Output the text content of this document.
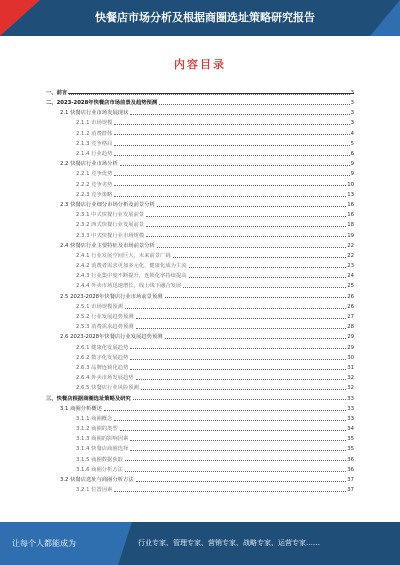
快餐店市场分析及根据商圈选址策略研究报告
内容目录
一、前言	3
二、2023-2028年快餐店市场前景及趋势预测	3
2.1 快餐店行业市场发展现状	3
2.1.1 市场规模	3
2.1.2 消费群体	4
2.1.3 竞争格局	5
2.1.4 行业趋势	6
2.2 快餐店行业市场分析	9
2.2.1 竞争优势	9
2.2.2 竞争劣势	10
2.2.3 竞争策略	13
2.3 快餐店行业细分市场分析及前景分析	16
2.3.1 中式快餐行业发展前景	16
2.3.2 西式快餐行业发展前景	18
2.3.3 中式快餐行业市场规模	19
2.4 快餐店行业主要特征及市场前景分析	22
2.4.1 行业发展空间巨大，未来前景广阔	22
2.4.2 消费者需求更加多元化，健康化成为主流	23
2.4.3 行业集中度不断提升，连锁化率持续提高	24
2.4.4 外卖市场迅速增长，线上线下融合发展	25
2.5 2023-2028年快餐店行业市场前景预测	26
2.5.1 市场规模预测	26
2.5.2 行业发展趋势预测	27
2.5.3 消费需求趋势预测	28
2.6 2023-2028年快餐店行业发展趋势预测	29
2.6.1 健康化发展趋势	29
2.6.2 数字化发展趋势	30
2.6.3 品牌连锁化趋势	31
2.6.4 外卖市场发展趋势	32
2.6.5 快餐店行业风险预测	32
三、快餐店根据商圈选址策略及研究	33
3.1 商圈分析概述	33
3.1.1 商圈概念	33
3.1.2 商圈的类型	34
3.1.3 商圈的影响因素	35
3.1.4 快餐店商圈选择	35
3.1.5 商圈数据获取	36
3.1.6 商圈分析方法	36
3.2 快餐店选址与商圈分析方法	37
3.2.1 位置因素	37
让每个人都能成为	行业专家、管理专家、营销专家、战略专家、运营专家……
